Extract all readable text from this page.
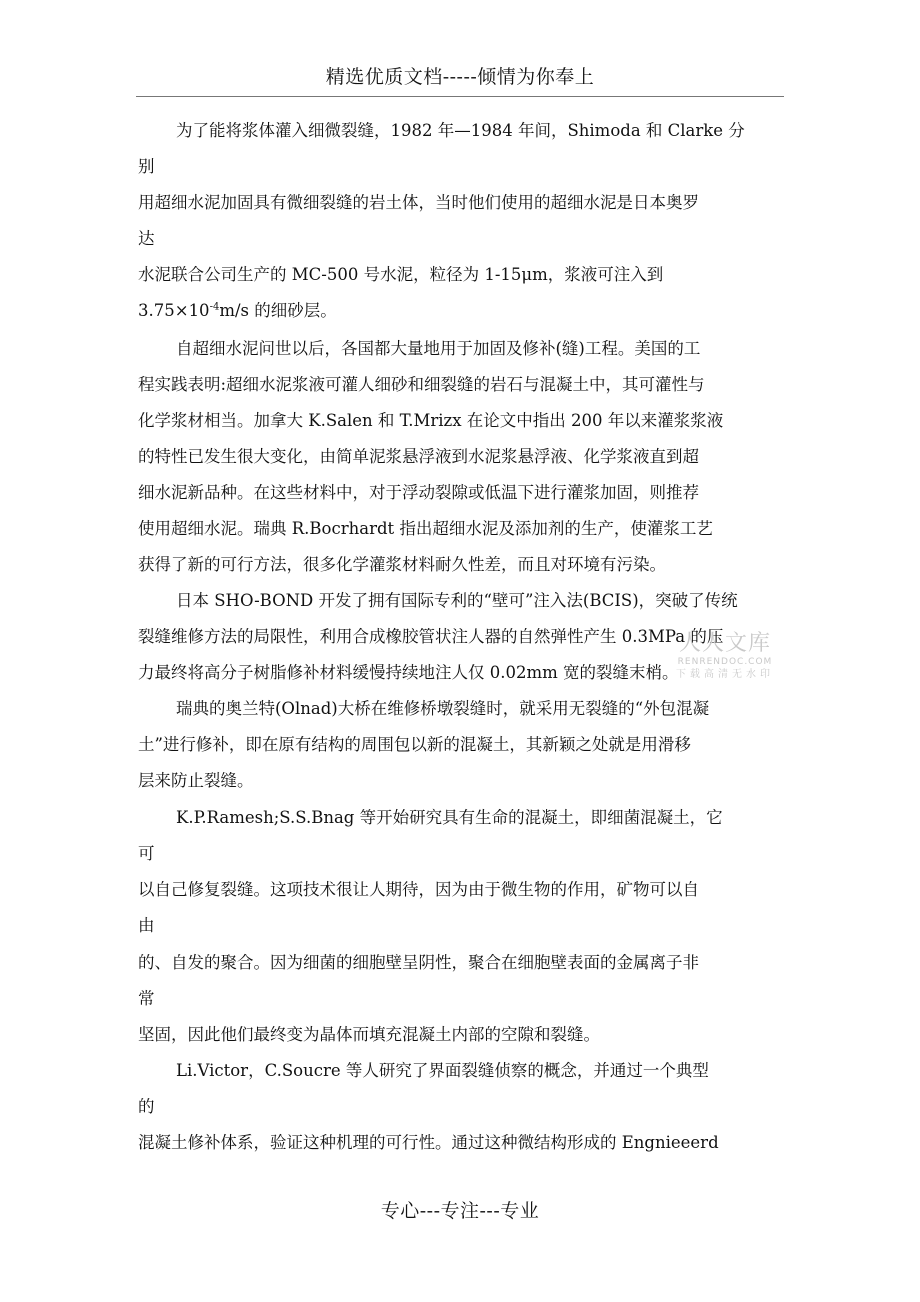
精选优质文档-----倾情为你奉上
为了能将浆体灌入细微裂缝，1982 年—1984 年间，Shimoda 和 Clarke 分
别
用超细水泥加固具有微细裂缝的岩土体，当时他们使用的超细水泥是日本奥罗
达
水泥联合公司生产的 MC-500 号水泥，粒径为 1-15μm，浆液可注入到
$3.75\times 10^{-4}m/s$ 的细砂层。
自超细水泥问世以后，各国都大量地用于加固及修补(缝)工程。美国的工
程实践表明:超细水泥浆液可灌人细砂和细裂缝的岩石与混凝土中，其可灌性与
化学浆材相当。加拿大 K.Salen 和 T.Mrizx 在论文中指出 200 年以来灌浆浆液
的特性已发生很大变化，由简单泥浆悬浮液到水泥浆悬浮液、化学浆液直到超
细水泥新品种。在这些材料中，对于浮动裂隙或低温下进行灌浆加固，则推荐
使用超细水泥。瑞典 R.Bocrhardt 指出超细水泥及添加剂的生产，使灌浆工艺
获得了新的可行方法，很多化学灌浆材料耐久性差，而且对环境有污染。
日本 SHO-BOND 开发了拥有国际专利的“壁可”注入法(BCIS)，突破了传统
裂缝维修方法的局限性，利用合成橡胶管状注人器的自然弹性产生 0.3MPa 的压
力最终将高分子树脂修补材料缓慢持续地注人仅 0.02mm 宽的裂缝末梢。
瑞典的奥兰特(Olnad)大桥在维修桥墩裂缝时，就采用无裂缝的“外包混凝
土”进行修补，即在原有结构的周围包以新的混凝土，其新颖之处就是用滑移
层来防止裂缝。
K.P.Ramesh;S.S.Bnag 等开始研究具有生命的混凝土，即细菌混凝土，它
可
以自己修复裂缝。这项技术很让人期待，因为由于微生物的作用，矿物可以自
由
的、自发的聚合。因为细菌的细胞壁呈阴性，聚合在细胞壁表面的金属离子非
常
坚固，因此他们最终变为晶体而填充混凝土内部的空隙和裂缝。
Li.Victor，C.Soucre 等人研究了界面裂缝侦察的概念，并通过一个典型
的
混凝土修补体系，验证这种机理的可行性。通过这种微结构形成的 Engnieeerd
人人文库
RENRENDOC.COM
下载高清无水印
专心---专注---专业
